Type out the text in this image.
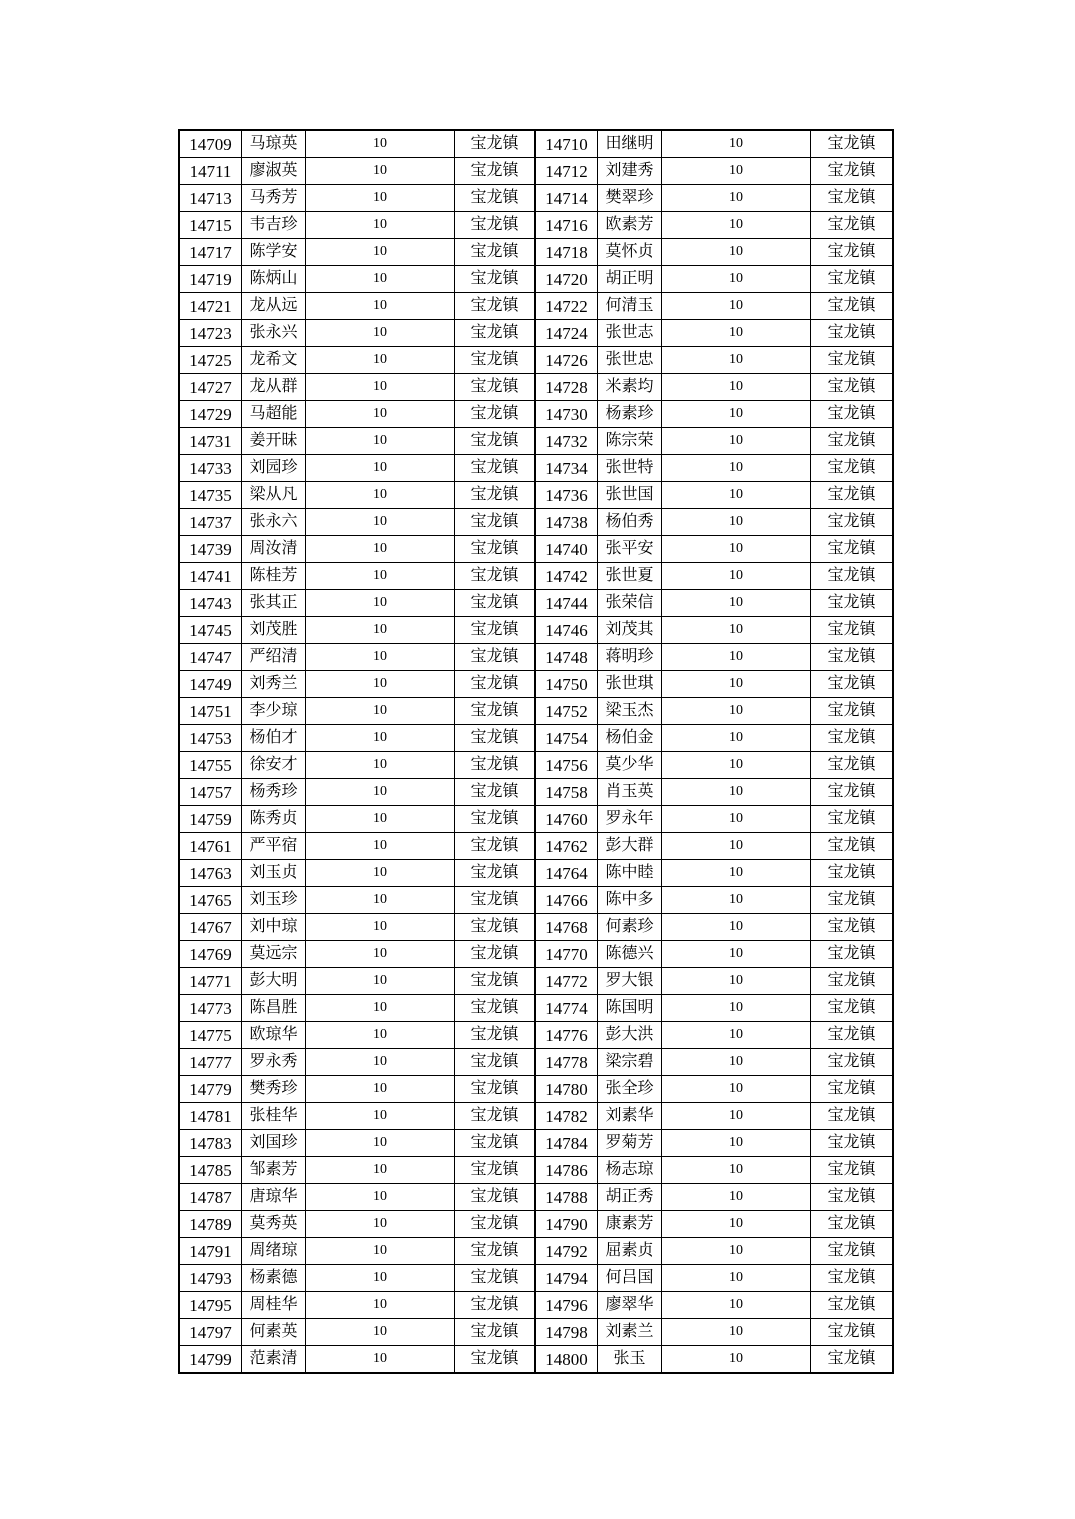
14709	马琼英	10	宝龙镇	14710	田继明	10	宝龙镇
14711	廖淑英	10	宝龙镇	14712	刘建秀	10	宝龙镇
14713	马秀芳	10	宝龙镇	14714	樊翠珍	10	宝龙镇
14715	韦吉珍	10	宝龙镇	14716	欧素芳	10	宝龙镇
14717	陈学安	10	宝龙镇	14718	莫怀贞	10	宝龙镇
14719	陈炳山	10	宝龙镇	14720	胡正明	10	宝龙镇
14721	龙从远	10	宝龙镇	14722	何清玉	10	宝龙镇
14723	张永兴	10	宝龙镇	14724	张世志	10	宝龙镇
14725	龙希文	10	宝龙镇	14726	张世忠	10	宝龙镇
14727	龙从群	10	宝龙镇	14728	米素均	10	宝龙镇
14729	马超能	10	宝龙镇	14730	杨素珍	10	宝龙镇
14731	姜开昧	10	宝龙镇	14732	陈宗荣	10	宝龙镇
14733	刘园珍	10	宝龙镇	14734	张世特	10	宝龙镇
14735	梁从凡	10	宝龙镇	14736	张世国	10	宝龙镇
14737	张永六	10	宝龙镇	14738	杨伯秀	10	宝龙镇
14739	周汝清	10	宝龙镇	14740	张平安	10	宝龙镇
14741	陈桂芳	10	宝龙镇	14742	张世夏	10	宝龙镇
14743	张其正	10	宝龙镇	14744	张荣信	10	宝龙镇
14745	刘茂胜	10	宝龙镇	14746	刘茂其	10	宝龙镇
14747	严绍清	10	宝龙镇	14748	蒋明珍	10	宝龙镇
14749	刘秀兰	10	宝龙镇	14750	张世琪	10	宝龙镇
14751	李少琼	10	宝龙镇	14752	梁玉杰	10	宝龙镇
14753	杨伯才	10	宝龙镇	14754	杨伯金	10	宝龙镇
14755	徐安才	10	宝龙镇	14756	莫少华	10	宝龙镇
14757	杨秀珍	10	宝龙镇	14758	肖玉英	10	宝龙镇
14759	陈秀贞	10	宝龙镇	14760	罗永年	10	宝龙镇
14761	严平宿	10	宝龙镇	14762	彭大群	10	宝龙镇
14763	刘玉贞	10	宝龙镇	14764	陈中睦	10	宝龙镇
14765	刘玉珍	10	宝龙镇	14766	陈中多	10	宝龙镇
14767	刘中琼	10	宝龙镇	14768	何素珍	10	宝龙镇
14769	莫远宗	10	宝龙镇	14770	陈德兴	10	宝龙镇
14771	彭大明	10	宝龙镇	14772	罗大银	10	宝龙镇
14773	陈昌胜	10	宝龙镇	14774	陈国明	10	宝龙镇
14775	欧琼华	10	宝龙镇	14776	彭大洪	10	宝龙镇
14777	罗永秀	10	宝龙镇	14778	梁宗碧	10	宝龙镇
14779	樊秀珍	10	宝龙镇	14780	张全珍	10	宝龙镇
14781	张桂华	10	宝龙镇	14782	刘素华	10	宝龙镇
14783	刘国珍	10	宝龙镇	14784	罗菊芳	10	宝龙镇
14785	邹素芳	10	宝龙镇	14786	杨志琼	10	宝龙镇
14787	唐琼华	10	宝龙镇	14788	胡正秀	10	宝龙镇
14789	莫秀英	10	宝龙镇	14790	康素芳	10	宝龙镇
14791	周绪琼	10	宝龙镇	14792	屈素贞	10	宝龙镇
14793	杨素德	10	宝龙镇	14794	何吕国	10	宝龙镇
14795	周桂华	10	宝龙镇	14796	廖翠华	10	宝龙镇
14797	何素英	10	宝龙镇	14798	刘素兰	10	宝龙镇
14799	范素清	10	宝龙镇	14800	张玉	10	宝龙镇
